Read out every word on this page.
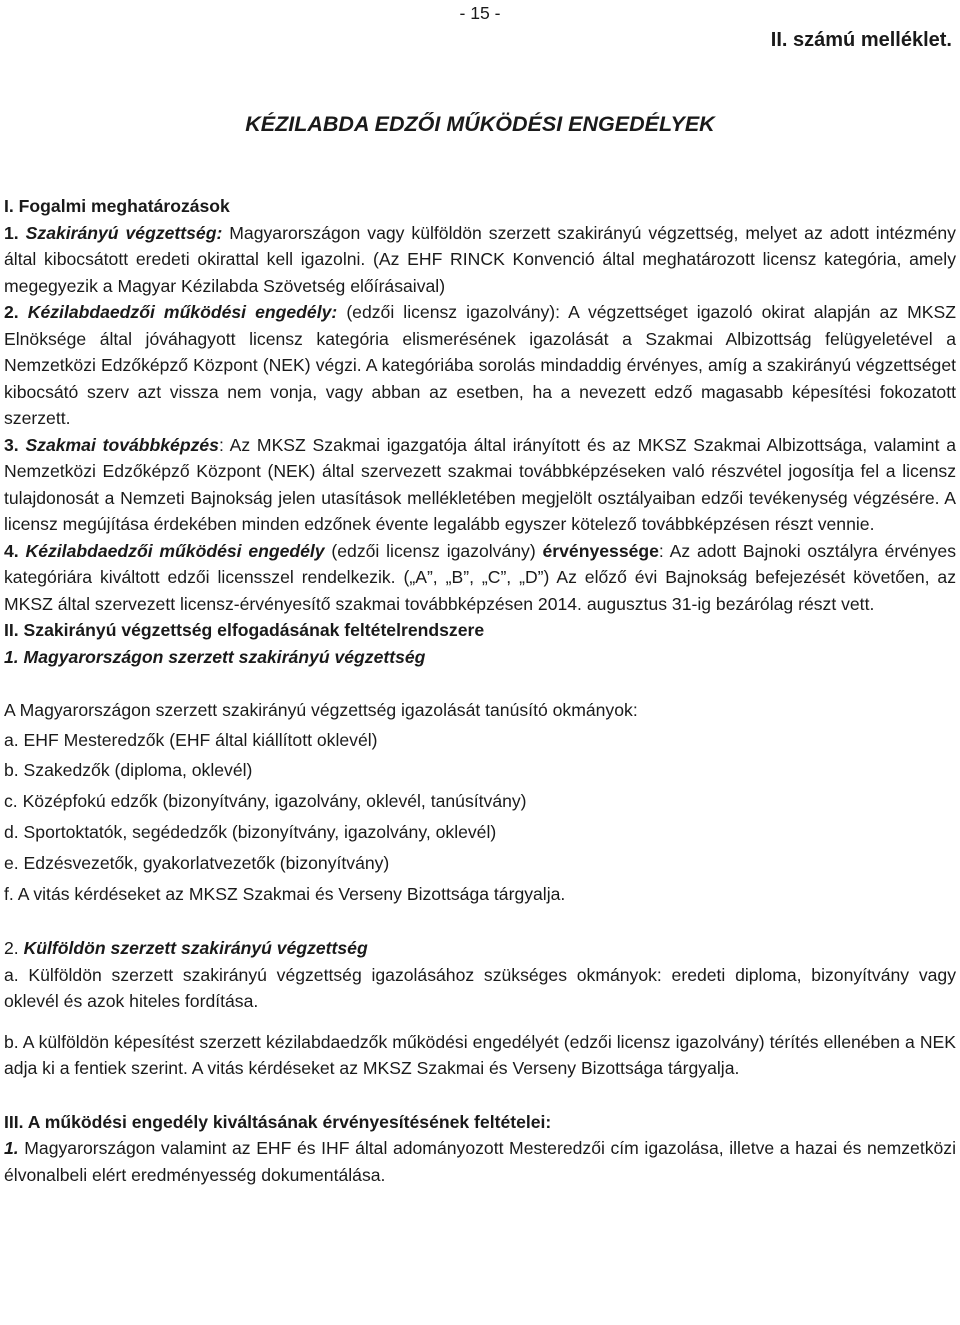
- 15 -
II. számú melléklet.
KÉZILABDA EDZŐI MŰKÖDÉSI ENGEDÉLYEK

I. Fogalmi meghatározások

1. Szakirányú végzettség: Magyarországon vagy külföldön szerzett szakirányú végzettség, melyet az adott intézmény által kibocsátott eredeti okirattal kell igazolni. (Az EHF RINCK Konvenció által meghatározott licensz kategória, amely megegyezik a Magyar Kézilabda Szövetség előírásaival)

2. Kézilabdaedzői működési engedély: (edzői licensz igazolvány): A végzettséget igazoló okirat alapján az MKSZ Elnöksége által jóváhagyott licensz kategória elismerésének igazolását a Szakmai Albizottság felügyeletével a Nemzetközi Edzőképző Központ (NEK) végzi. A kategóriába sorolás mindaddig érvényes, amíg a szakirányú végzettséget kibocsátó szerv azt vissza nem vonja, vagy abban az esetben, ha a nevezett edző magasabb képesítési fokozatott szerzett.

3. Szakmai továbbképzés: Az MKSZ Szakmai igazgatója által irányított és az MKSZ Szakmai Albizottsága, valamint a Nemzetközi Edzőképző Központ (NEK) által szervezett szakmai továbbképzéseken való részvétel jogosítja fel a licensz tulajdonosát a Nemzeti Bajnokság jelen utasítások mellékletében megjelölt osztályaiban edzői tevékenység végzésére. A licensz megújítása érdekében minden edzőnek évente legalább egyszer kötelező továbbképzésen részt vennie.

4. Kézilabdaedzői működési engedély (edzői licensz igazolvány) érvényessége: Az adott Bajnoki osztályra érvényes kategóriára kiváltott edzői licensszel rendelkezik. („A”, „B”, „C”, „D”) Az előző évi Bajnokság befejezését követően, az MKSZ által szervezett licensz-érvényesítő szakmai továbbképzésen 2014. augusztus 31-ig bezárólag részt vett.

II. Szakirányú végzettség elfogadásának feltételrendszere

1. Magyarországon szerzett szakirányú végzettség

A Magyarországon szerzett szakirányú végzettség igazolását tanúsító okmányok:

a. EHF Mesteredzők (EHF által kiállított oklevél)

b. Szakedzők (diploma, oklevél)

c. Középfokú edzők (bizonyítvány, igazolvány, oklevél, tanúsítvány)

d. Sportoktatók, segédedzők (bizonyítvány, igazolvány, oklevél)

e. Edzésvezetők, gyakorlatvezetők (bizonyítvány)

f. A vitás kérdéseket az MKSZ Szakmai és Verseny Bizottsága tárgyalja.

2. Külföldön szerzett szakirányú végzettség

a. Külföldön szerzett szakirányú végzettség igazolásához szükséges okmányok: eredeti diploma, bizonyítvány vagy oklevél és azok hiteles fordítása.

b. A külföldön képesítést szerzett kézilabdaedzők működési engedélyét (edzői licensz igazolvány) térítés ellenében a NEK adja ki a fentiek szerint. A vitás kérdéseket az MKSZ Szakmai és Verseny Bizottsága tárgyalja.

III. A működési engedély kiváltásának érvényesítésének feltételei:

1. Magyarországon valamint az EHF és IHF által adományozott Mesteredzői cím igazolása, illetve a hazai és nemzetközi élvonalbeli elért eredményesség dokumentálása.
